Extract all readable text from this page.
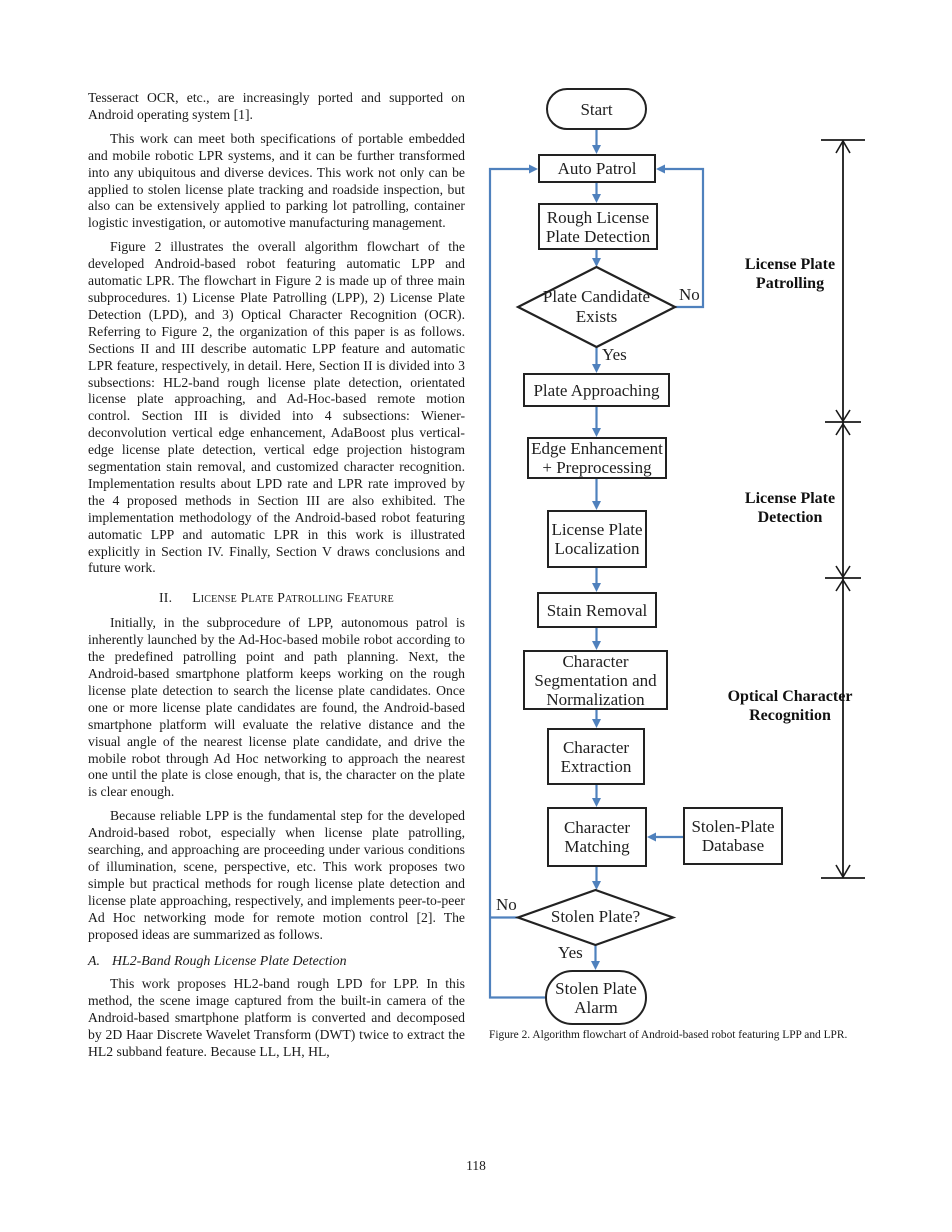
Tesseract OCR, etc., are increasingly ported and supported on Android operating system [1].

This work can meet both specifications of portable embedded and mobile robotic LPR systems, and it can be further transformed into any ubiquitous and diverse devices. This work not only can be applied to stolen license plate tracking and roadside inspection, but also can be extensively applied to parking lot patrolling, container logistic investigation, or automotive manufacturing management.

Figure 2 illustrates the overall algorithm flowchart of the developed Android-based robot featuring automatic LPP and automatic LPR. The flowchart in Figure 2 is made up of three main subprocedures. 1) License Plate Patrolling (LPP), 2) License Plate Detection (LPD), and 3) Optical Character Recognition (OCR). Referring to Figure 2, the organization of this paper is as follows. Sections II and III describe automatic LPP feature and automatic LPR feature, respectively, in detail. Here, Section II is divided into 3 subsections: HL2-band rough license plate detection, orientated license plate approaching, and Ad-Hoc-based remote motion control. Section III is divided into 4 subsections: Wiener-deconvolution vertical edge enhancement, AdaBoost plus vertical-edge license plate detection, vertical edge projection histogram segmentation stain removal, and customized character recognition. Implementation results about LPD rate and LPR rate improved by the 4 proposed methods in Section III are also exhibited. The implementation methodology of the Android-based robot featuring automatic LPP and automatic LPR in this work is illustrated explicitly in Section IV. Finally, Section V draws conclusions and future work.

II. License Plate Patrolling Feature

Initially, in the subprocedure of LPP, autonomous patrol is inherently launched by the Ad-Hoc-based mobile robot according to the predefined patrolling point and path planning. Next, the Android-based smartphone platform keeps working on the rough license plate detection to search the license plate candidates. Once one or more license plate candidates are found, the Android-based smartphone platform will evaluate the relative distance and the visual angle of the nearest license plate candidate, and drive the mobile robot through Ad Hoc networking to approach the nearest one until the plate is close enough, that is, the character on the plate is clear enough.

Because reliable LPP is the fundamental step for the developed Android-based robot, especially when license plate patrolling, searching, and approaching are proceeding under various conditions of illumination, scene, perspective, etc. This work proposes two simple but practical methods for rough license plate detection and license plate approaching, respectively, and implements peer-to-peer Ad Hoc networking mode for remote motion control [2]. The proposed ideas are summarized as follows.

A. HL2-Band Rough License Plate Detection

This work proposes HL2-band rough LPD for LPP. In this method, the scene image captured from the built-in camera of the Android-based smartphone platform is converted and decomposed by 2D Haar Discrete Wavelet Transform (DWT) twice to extract the HL2 subband feature. Because LL, LH, HL,

Start
Auto Patrol
Rough License Plate Detection
Plate Candidate Exists
Plate Approaching
Edge Enhancement + Preprocessing
License Plate Localization
Stain Removal
Character Segmentation and Normalization
Character Extraction
Character Matching
Stolen-Plate Database
Stolen Plate?
Stolen Plate Alarm
No
Yes
No
Yes
License Plate Patrolling
License Plate Detection
Optical Character Recognition
Figure 2. Algorithm flowchart of Android-based robot featuring LPP and LPR.
118
